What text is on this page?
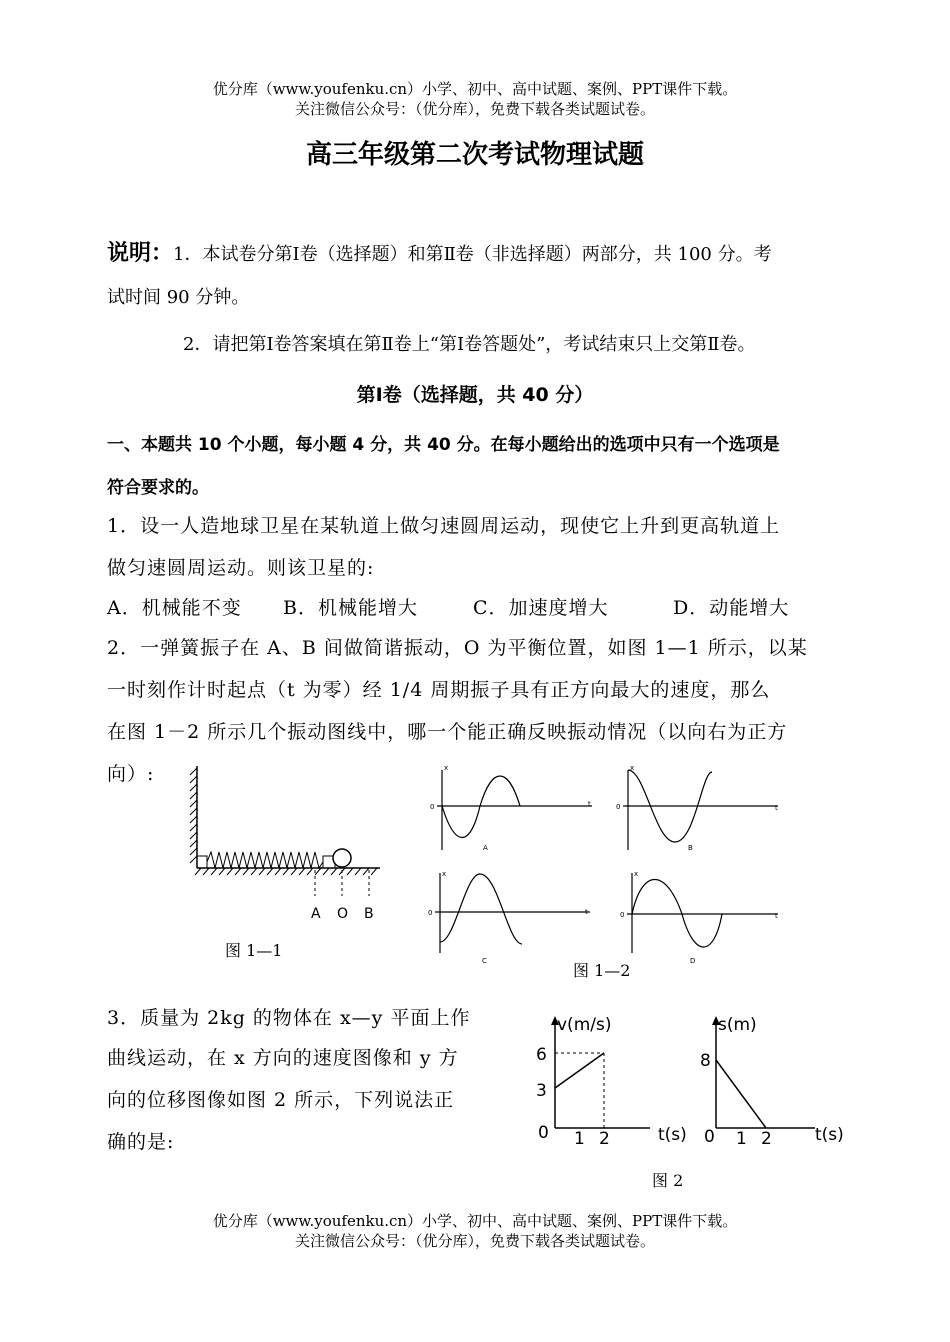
优分库（www.youfenku.cn）小学、初中、高中试题、案例、PPT课件下载。
关注微信公众号：（优分库），免费下载各类试题试卷。
高三年级第二次考试物理试题
说明：1．本试卷分第Ⅰ卷（选择题）和第Ⅱ卷（非选择题）两部分，共 100 分。考
试时间 90 分钟。
2．请把第Ⅰ卷答案填在第Ⅱ卷上“第Ⅰ卷答题处”，考试结束只上交第Ⅱ卷。
第Ⅰ卷（选择题，共 40 分）
一、本题共 10 个小题，每小题 4 分，共 40 分。在每小题给出的选项中只有一个选项是
符合要求的。
1．设一人造地球卫星在某轨道上做匀速圆周运动，现使它上升到更高轨道上
做匀速圆周运动。则该卫星的:
A．机械能不变 B．机械能增大	C．加速度增大	D．动能增大
2．一弹簧振子在 A、B 间做简谐振动，O 为平衡位置，如图 1—1 所示，以某
一时刻作计时起点（t 为零）经 1/4 周期振子具有正方向最大的速度，那么
在图 1－2 所示几个振动图线中，哪一个能正确反映振动情况（以向右为正方
向）:
A O B
图 1—1
x
0	t
x
0	t
x
0	t
x
0	t
A	B
C	D
图 1—2
3．质量为 2kg 的物体在 x—y 平面上作
曲线运动，在 x 方向的速度图像和 y 方
向的位移图像如图 2 所示，下列说法正
确的是:
v(m/s)
6
3
0 1 2	t(s)
s(m)
8
0 1 2	t(s)
图 2
优分库（www.youfenku.cn）小学、初中、高中试题、案例、PPT课件下载。
关注微信公众号：（优分库），免费下载各类试题试卷。
